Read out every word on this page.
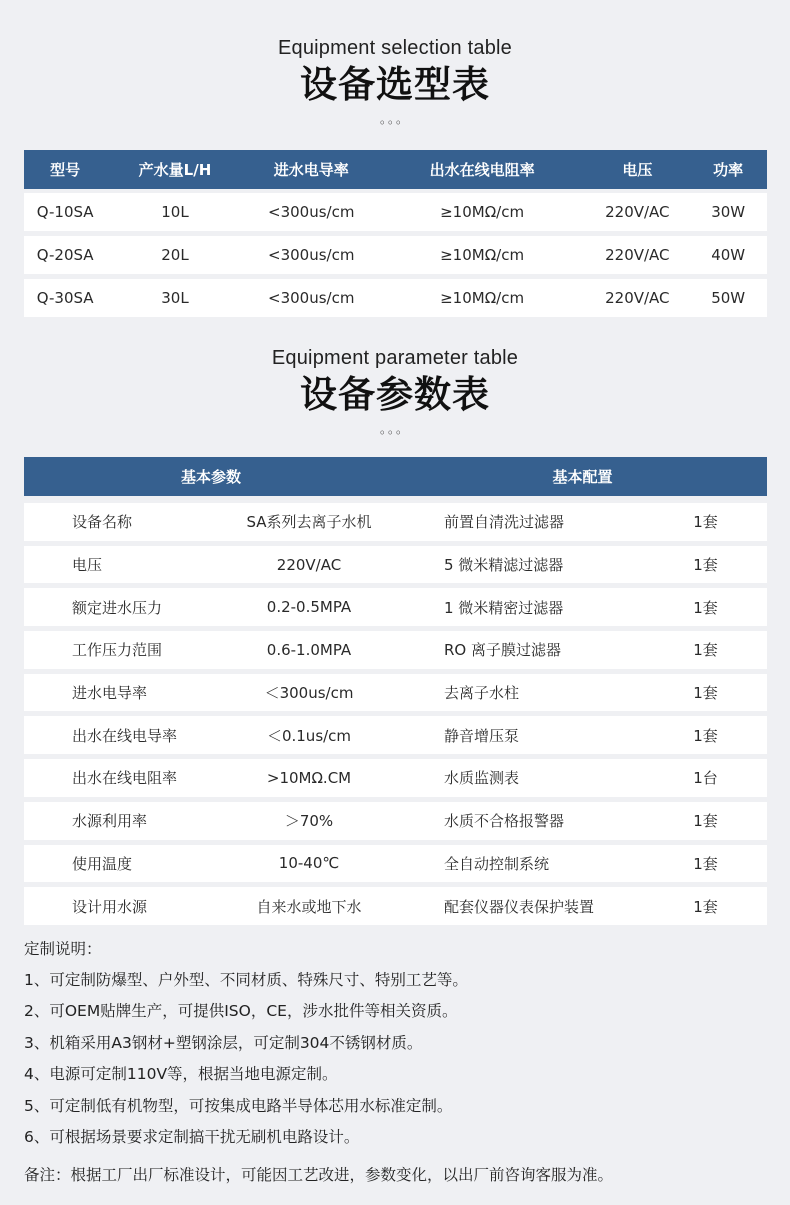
Equipment selection table
设备选型表
。。。
型号	产水量L/H	进水电导率	出水在线电阻率	电压	功率
Q-10SA	10L	<300us/cm	≥10MΩ/cm	220V/AC	30W
Q-20SA	20L	<300us/cm	≥10MΩ/cm	220V/AC	40W
Q-30SA	30L	<300us/cm	≥10MΩ/cm	220V/AC	50W
Equipment parameter table
设备参数表
。。。
基本参数	基本配置
设备名称	SA系列去离子水机	前置自清洗过滤器	1套
电压	220V/AC	5 微米精滤过滤器	1套
额定进水压力	0.2-0.5MPA	1 微米精密过滤器	1套
工作压力范围	0.6-1.0MPA	RO 离子膜过滤器	1套
进水电导率	＜300us/cm	去离子水柱	1套
出水在线电导率	＜0.1us/cm	静音增压泵	1套
出水在线电阻率	>10MΩ.CM	水质监测表	1台
水源利用率	＞70%	水质不合格报警器	1套
使用温度	10-40℃	全自动控制系统	1套
设计用水源	自来水或地下水	配套仪器仪表保护装置	1套
定制说明：
1、可定制防爆型、户外型、不同材质、特殊尺寸、特别工艺等。
2、可OEM贴牌生产，可提供ISO，CE，涉水批件等相关资质。
3、机箱采用A3钢材+塑钢涂层，可定制304不锈钢材质。
4、电源可定制110V等，根据当地电源定制。
5、可定制低有机物型，可按集成电路半导体芯用水标准定制。
6、可根据场景要求定制搞干扰无刷机电路设计。
备注：根据工厂出厂标准设计，可能因工艺改进，参数变化，以出厂前咨询客服为准。
